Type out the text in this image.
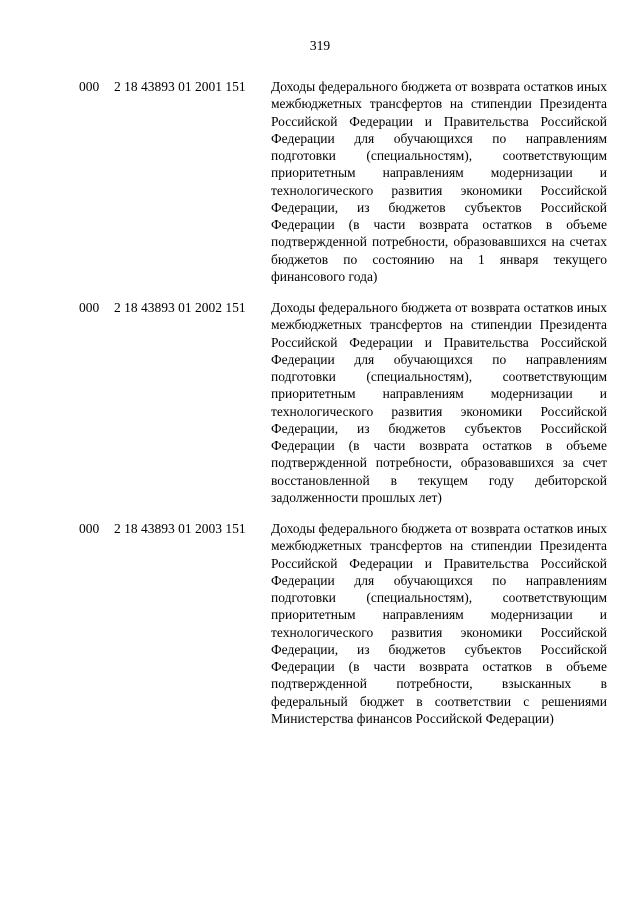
319
000 2 18 43893 01 2001 151 Доходы федерального бюджета от возврата остатков иных межбюджетных трансфертов на стипендии Президента Российской Федерации и Правительства Российской Федерации для обучающихся по направлениям подготовки (специальностям), соответствующим приоритетным направлениям модернизации и технологического развития экономики Российской Федерации, из бюджетов субъектов Российской Федерации (в части возврата остатков в объеме подтвержденной потребности, образовавшихся на счетах бюджетов по состоянию на 1 января текущего финансового года)
000 2 18 43893 01 2002 151 Доходы федерального бюджета от возврата остатков иных межбюджетных трансфертов на стипендии Президента Российской Федерации и Правительства Российской Федерации для обучающихся по направлениям подготовки (специальностям), соответствующим приоритетным направлениям модернизации и технологического развития экономики Российской Федерации, из бюджетов субъектов Российской Федерации (в части возврата остатков в объеме подтвержденной потребности, образовавшихся за счет восстановленной в текущем году дебиторской задолженности прошлых лет)
000 2 18 43893 01 2003 151 Доходы федерального бюджета от возврата остатков иных межбюджетных трансфертов на стипендии Президента Российской Федерации и Правительства Российской Федерации для обучающихся по направлениям подготовки (специальностям), соответствующим приоритетным направлениям модернизации и технологического развития экономики Российской Федерации, из бюджетов субъектов Российской Федерации (в части возврата остатков в объеме подтвержденной потребности, взысканных в федеральный бюджет в соответствии с решениями Министерства финансов Российской Федерации)
